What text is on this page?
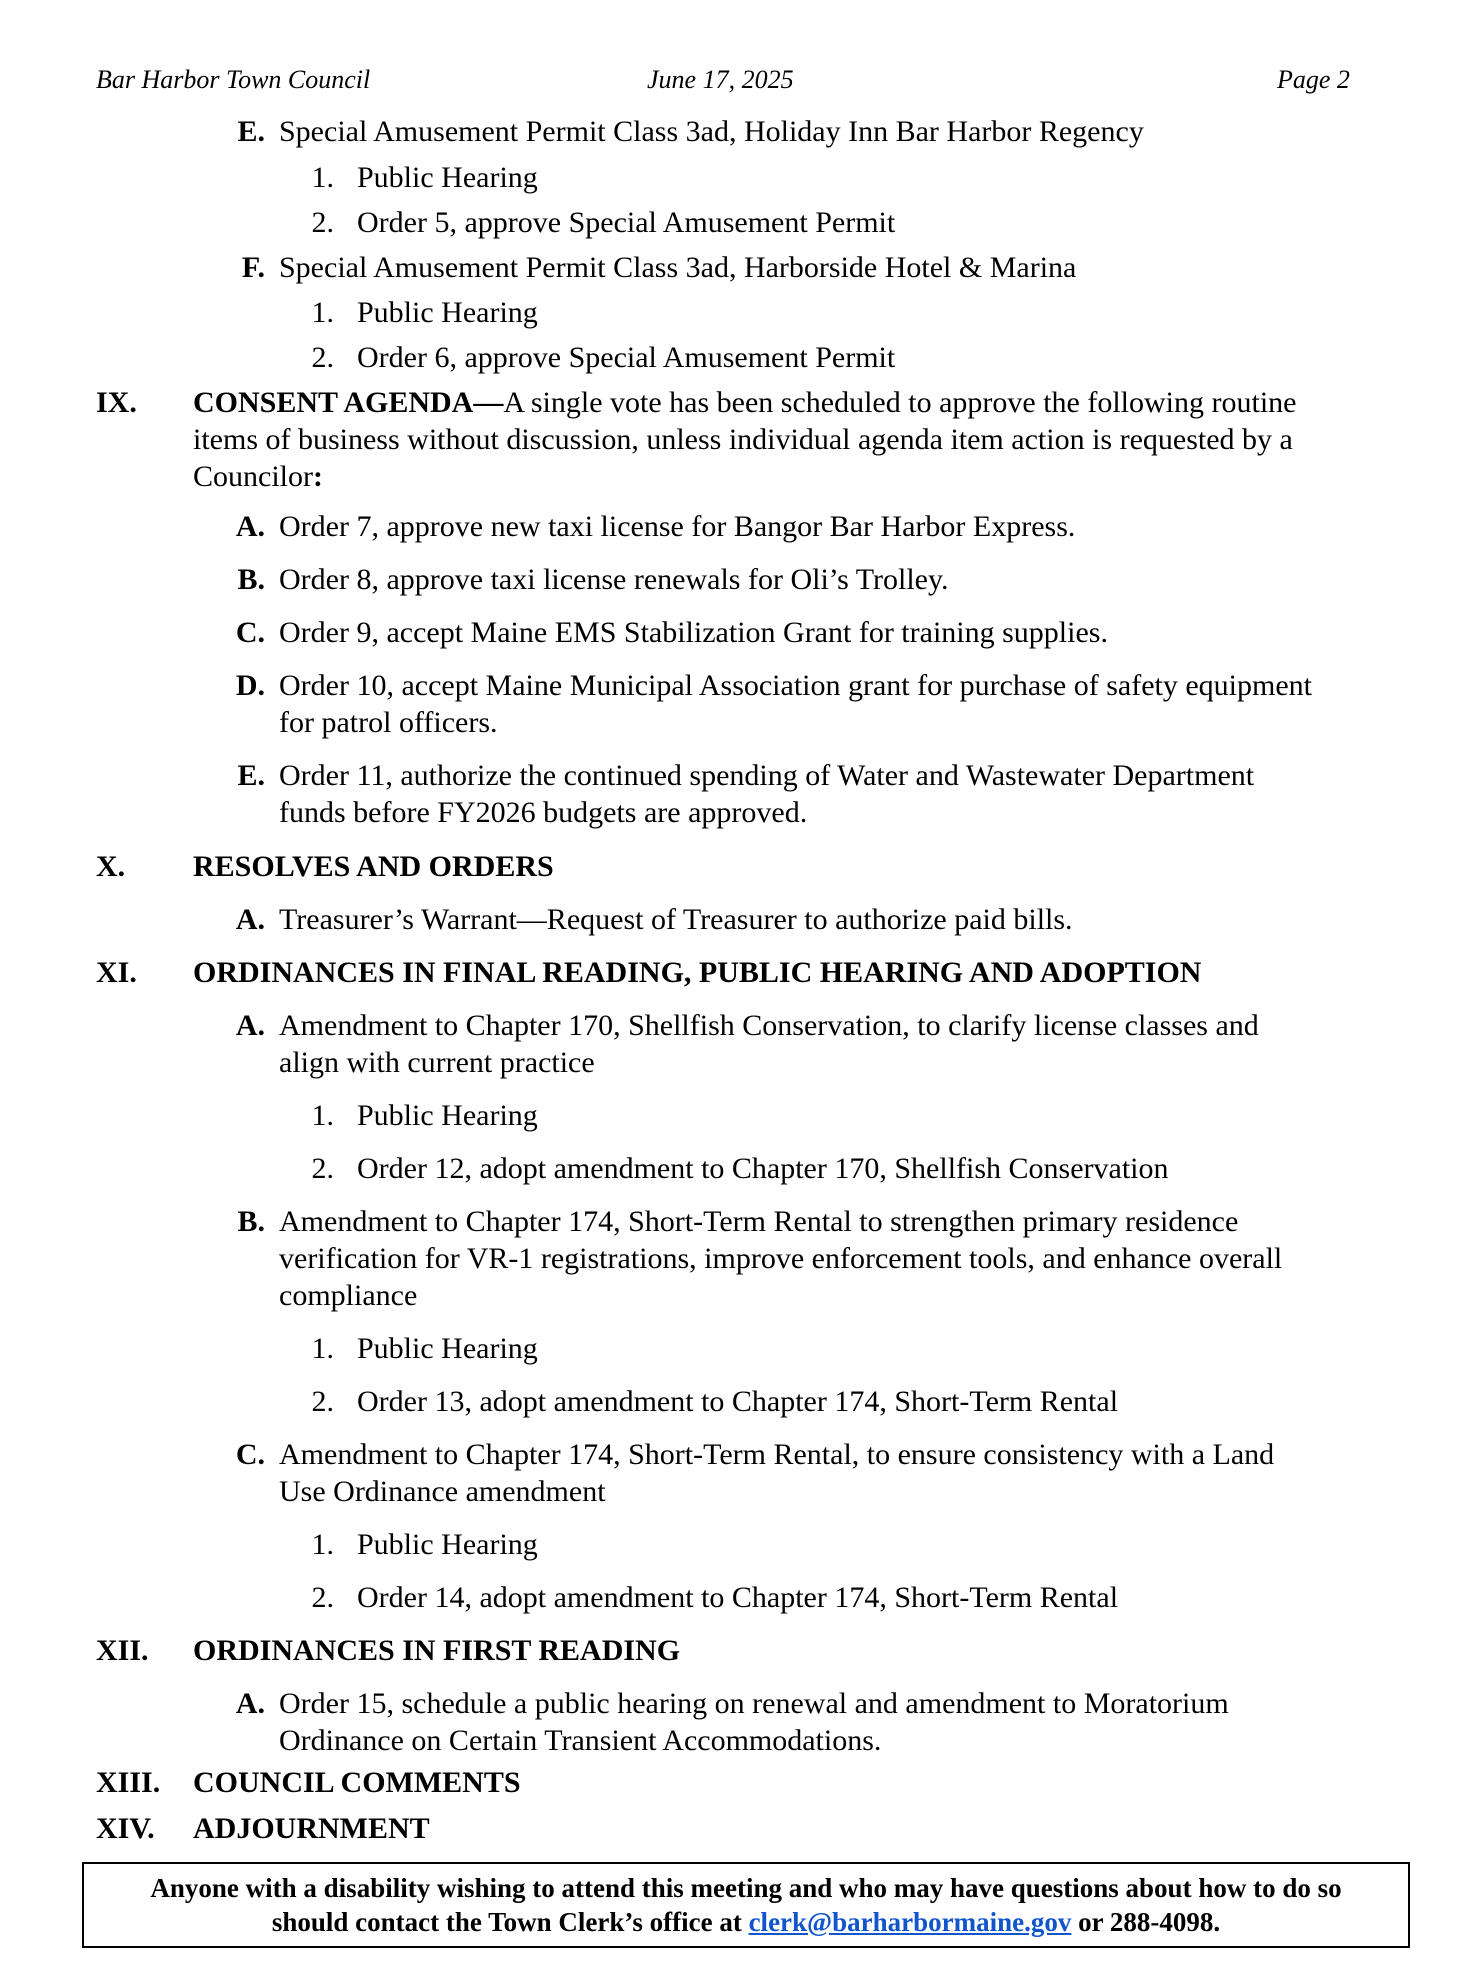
Bar Harbor Town Council	June 17, 2025	Page 2
E. Special Amusement Permit Class 3ad, Holiday Inn Bar Harbor Regency
1. Public Hearing
2. Order 5, approve Special Amusement Permit
F. Special Amusement Permit Class 3ad, Harborside Hotel & Marina
1. Public Hearing
2. Order 6, approve Special Amusement Permit
IX. CONSENT AGENDA—A single vote has been scheduled to approve the following routine
items of business without discussion, unless individual agenda item action is requested by a
Councilor:
A. Order 7, approve new taxi license for Bangor Bar Harbor Express.
B. Order 8, approve taxi license renewals for Oli’s Trolley.
C. Order 9, accept Maine EMS Stabilization Grant for training supplies.
D. Order 10, accept Maine Municipal Association grant for purchase of safety equipment
for patrol officers.
E. Order 11, authorize the continued spending of Water and Wastewater Department
funds before FY2026 budgets are approved.
X. RESOLVES AND ORDERS
A. Treasurer’s Warrant—Request of Treasurer to authorize paid bills.
XI. ORDINANCES IN FINAL READING, PUBLIC HEARING AND ADOPTION
A. Amendment to Chapter 170, Shellfish Conservation, to clarify license classes and
align with current practice
1. Public Hearing
2. Order 12, adopt amendment to Chapter 170, Shellfish Conservation
B. Amendment to Chapter 174, Short-Term Rental to strengthen primary residence
verification for VR-1 registrations, improve enforcement tools, and enhance overall
compliance
1. Public Hearing
2. Order 13, adopt amendment to Chapter 174, Short-Term Rental
C. Amendment to Chapter 174, Short-Term Rental, to ensure consistency with a Land
Use Ordinance amendment
1. Public Hearing
2. Order 14, adopt amendment to Chapter 174, Short-Term Rental
XII. ORDINANCES IN FIRST READING
A. Order 15, schedule a public hearing on renewal and amendment to Moratorium
Ordinance on Certain Transient Accommodations.
XIII. COUNCIL COMMENTS
XIV. ADJOURNMENT
Anyone with a disability wishing to attend this meeting and who may have questions about how to do so
should contact the Town Clerk’s office at clerk@barharbormaine.gov or 288-4098.
